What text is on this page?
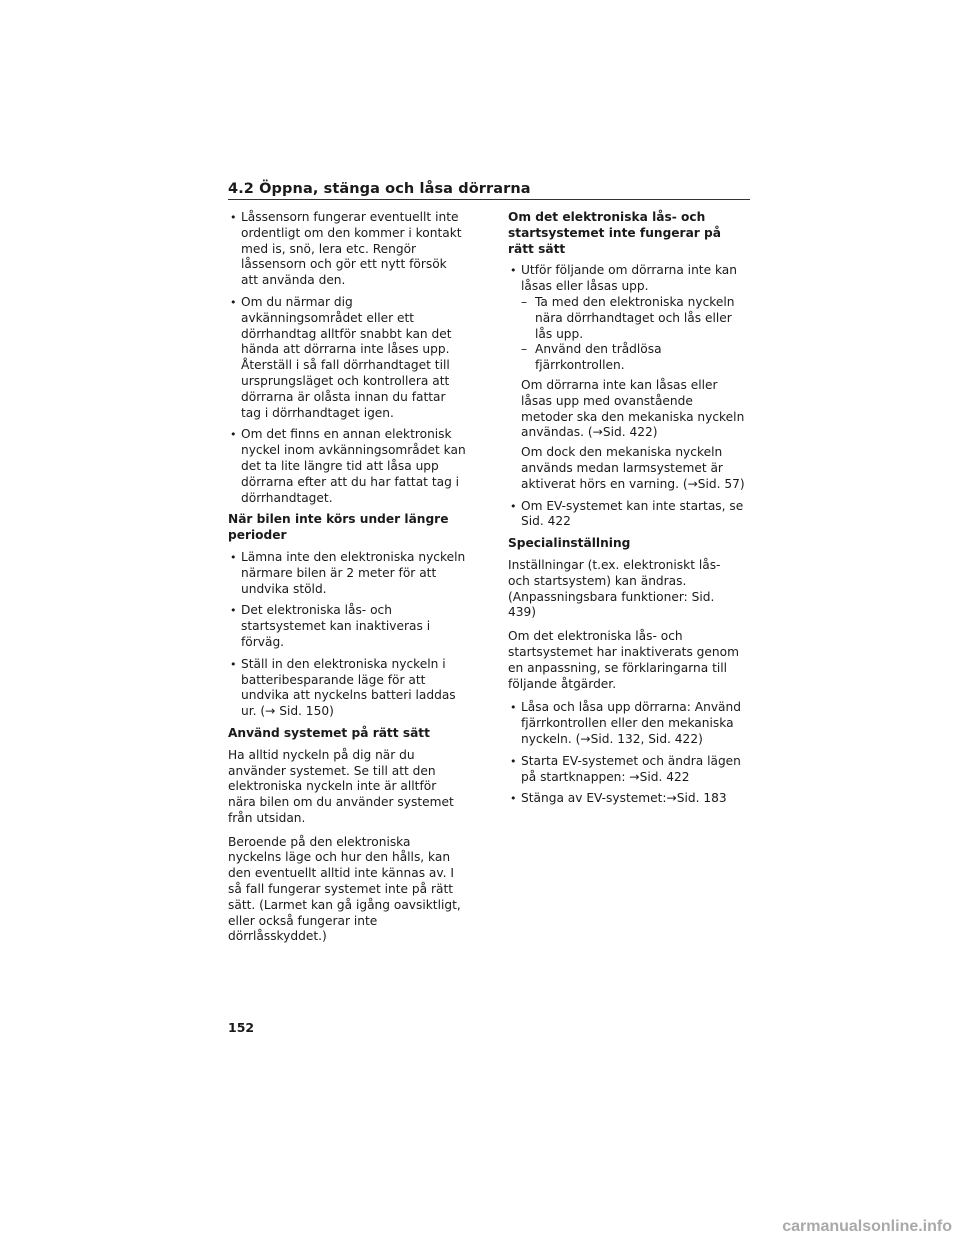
4.2 Öppna, stänga och låsa dörrarna
• Låssensorn fungerar eventuellt inte ordentligt om den kommer i kontakt med is, snö, lera etc. Rengör låssensorn och gör ett nytt försök att använda den.
• Om du närmar dig avkänningsområdet eller ett dörrhandtag alltför snabbt kan det hända att dörrarna inte låses upp. Återställ i så fall dörrhandtaget till ursprungsläget och kontrollera att dörrarna är olåsta innan du fattar tag i dörrhandtaget igen.
• Om det finns en annan elektronisk nyckel inom avkänningsområdet kan det ta lite längre tid att låsa upp dörrarna efter att du har fattat tag i dörrhandtaget.

När bilen inte körs under längre perioder

• Lämna inte den elektroniska nyckeln närmare bilen är 2 meter för att undvika stöld.
• Det elektroniska lås- och startsystemet kan inaktiveras i förväg.
• Ställ in den elektroniska nyckeln i batteribesparande läge för att undvika att nyckelns batteri laddas ur. (→ Sid. 150)

Använd systemet på rätt sätt

Ha alltid nyckeln på dig när du använder systemet. Se till att den elektroniska nyckeln inte är alltför nära bilen om du använder systemet från utsidan.

Beroende på den elektroniska nyckelns läge och hur den hålls, kan den eventuellt alltid inte kännas av. I så fall fungerar systemet inte på rätt sätt. (Larmet kan gå igång oavsiktligt, eller också fungerar inte dörrlåsskyddet.)

Om det elektroniska lås- och startsystemet inte fungerar på rätt sätt

• Utför följande om dörrarna inte kan låsas eller låsas upp.
– Ta med den elektroniska nyckeln nära dörrhandtaget och lås eller lås upp.
– Använd den trådlösa fjärrkontrollen.
Om dörrarna inte kan låsas eller låsas upp med ovanstående metoder ska den mekaniska nyckeln användas. (→Sid. 422)
Om dock den mekaniska nyckeln används medan larmsystemet är aktiverat hörs en varning. (→Sid. 57)
• Om EV-systemet kan inte startas, se Sid. 422

Specialinställning

Inställningar (t.ex. elektroniskt lås- och startsystem) kan ändras. (Anpassningsbara funktioner: Sid. 439)

Om det elektroniska lås- och startsystemet har inaktiverats genom en anpassning, se förklaringarna till följande åtgärder.

• Låsa och låsa upp dörrarna: Använd fjärrkontrollen eller den mekaniska nyckeln. (→Sid. 132, Sid. 422)
• Starta EV-systemet och ändra lägen på startknappen: →Sid. 422
• Stänga av EV-systemet:→Sid. 183
152
carmanualsonline.info
